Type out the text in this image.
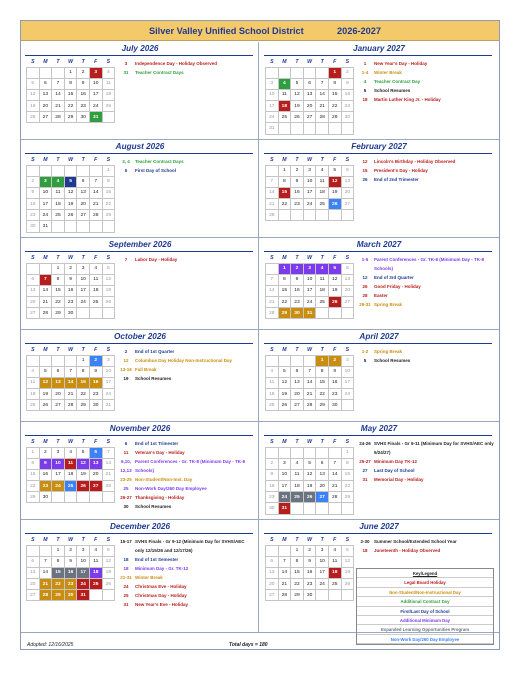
Silver Valley Unified School District	2026-2027
July 2026
S	M	T	W	T	F	S
			1	2	3	4
5	6	7	8	9	10	11
12	13	14	15	16	17	18
19	20	21	22	23	24	25
26	27	28	29	30	31	
3	Independence Day - Holiday Observed
31	Teacher Contract Days
January 2027
S	M	T	W	T	F	S
					1	2
3	4	5	6	7	8	9
10	11	12	13	14	15	16
17	18	19	20	21	22	23
24	25	26	27	28	29	30
31						
1	New Year's Day - Holiday
1-4	Winter Break
4	Teacher Contract Day
5	School Resumes
18	Martin Luther King Jr. - Holiday
August 2026
S	M	T	W	T	F	S
						1
2	3	4	5	6	7	8
9	10	11	12	13	14	15
16	17	18	19	20	21	22
23	24	25	26	27	28	29
30	31					
3, 4	Teacher Contract Days
5	First Day of School
February 2027
S	M	T	W	T	F	S
	1	2	3	4	5	6
7	8	9	10	11	12	13
14	15	16	17	18	19	20
21	22	23	24	25	26	27
28						
12	Lincoln's Birthday - Holiday Observed
15	President's Day - Holiday
26	End of 2nd Trimester
September 2026
S	M	T	W	T	F	S
		1	2	3	4	5
6	7	8	9	10	11	12
13	14	15	16	17	18	19
20	21	22	23	24	25	26
27	28	29	30			
7	Labor Day - Holiday
March 2027
S	M	T	W	T	F	S
	1	2	3	4	5	6
7	8	9	10	11	12	13
14	15	16	17	18	19	20
21	22	23	24	25	26	27
28	29	30	31			
1-5	Parent Conferences - Gr. TK-8 (Minimum Day - TK-8 Schools)
12	End of 3rd Quarter
26	Good Friday - Holiday
28	Easter
29-31 Spring Break
October 2026
S	M	T	W	T	F	S
				1	2	3
4	5	6	7	8	9	10
11	12	13	14	15	16	17
18	19	20	21	22	23	24
25	26	27	28	29	30	31
2	End of 1st Quarter
12	Columbus Day Holiday Non-Instructional Day
13-16 Fall Break
19	School Resumes
April 2027
S	M	T	W	T	F	S
				1	2	3
4	5	6	7	8	9	10
11	12	13	14	15	16	17
18	19	20	21	22	23	24
25	26	27	28	29	30	
1-2	Spring Break
5	School Resumes
November 2026
S	M	T	W	T	F	S
1	2	3	4	5	6	7
8	9	10	11	12	13	14
15	16	17	18	19	20	21
22	23	24	25	26	27	28
29	30					
6	End of 1st Trimester
11	Veteran's Day - Holiday
9,10, 12,13
Parent Conferences - Gr. TK-8 (Minimum Day - TK-8 Schools)
23-25 Non-Student/Non-Inst. Day
25	Non-Work Day/260 Day Employee
26-27 Thanksgiving - Holiday
30	School Resumes
May 2027
S	M	T	W	T	F	S
						1
2	3	4	5	6	7	8
9	10	11	12	13	14	15
16	17	18	19	20	21	22
23	24	25	26	27	28	29
30	31					
24-26 SVHS Finals - Gr 9-11 (Minimum Day for SVHS/AEC only 5/24/27)
25-27 Minimum Day TK-12
27	Last Day of School
31	Memorial Day - Holiday
December 2026
S	M	T	W	T	F	S
		1	2	3	4	5
6	7	8	9	10	11	12
13	14	15	16	17	18	19
20	21	22	23	24	25	26
27	28	29	30	31		
15-17 SVHS Finals - Gr 9-12 (Minimum Day for SVHS/AEC only 12/15/26 and 12/17/26)
18	End of 1st Semester
18	Minimum Day - Gr. TK-12
21-31 Winter Break
24	Christmas Eve - Holiday
25	Christmas Day - Holiday
31	New Year's Eve - Holiday
June 2027
S	M	T	W	T	F	S
		1	2	3	4	5
6	7	8	9	10	11	12
13	14	15	16	17	18	19
20	21	22	23	24	25	26
27	28	29	30			
2-30	Summer School/Extended School Year
18	Juneteenth - Holiday Observed
Key/Legend
Legal Board Holiday
Non-Student/Non-Instructional Day
Additional Contract Day
First/Last Day of School
Additional Minimum Day
Expanded Learning Opportunities Program
Non-Work Day/260 Day Employee
Adopted: 12/16/2025	Total days = 180
